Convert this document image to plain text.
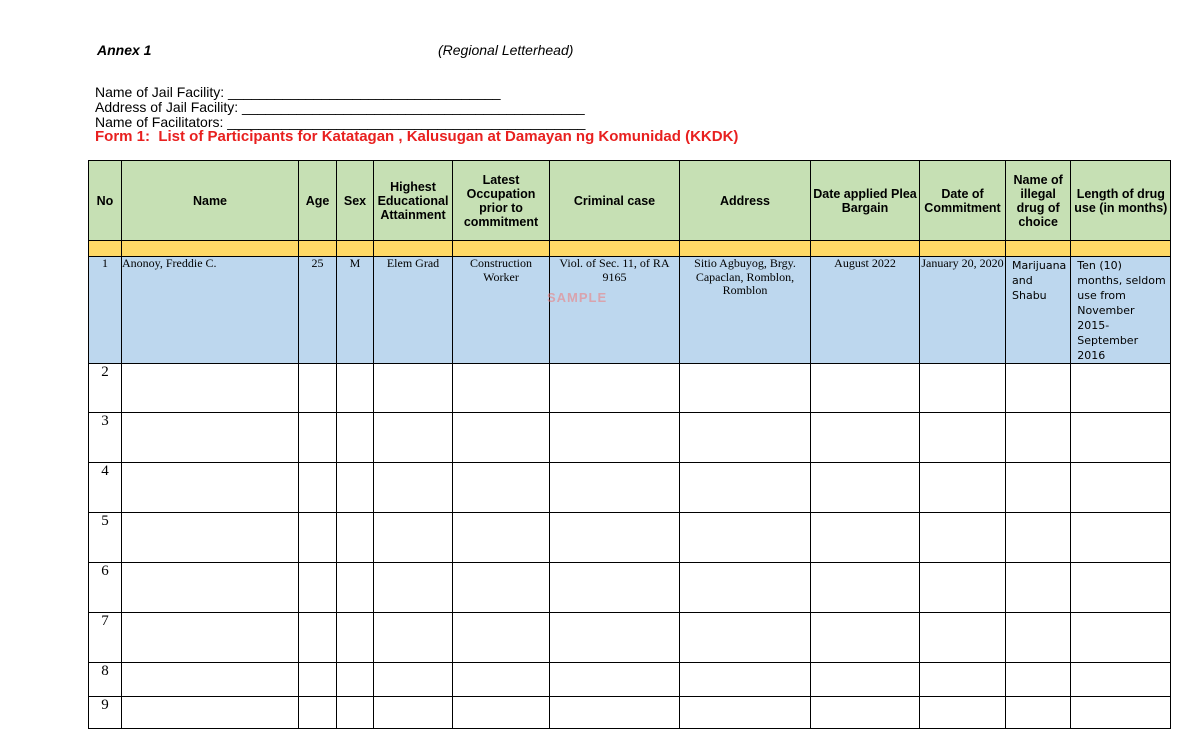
Annex 1	(Regional Letterhead)
Name of Jail Facility: ___________________________________
Address of Jail Facility: ____________________________________________
Name of Facilitators: ______________________________________________
Form 1:  List of Participants for Katatagan , Kalusugan at Damayan ng Komunidad (KKDK)
No	Name	Age	Sex	Highest Educational Attainment	Latest Occupation prior to commitment	Criminal case	Address	Date applied Plea Bargain	Date of Commitment	Name of illegal drug of choice	Length of drug use (in months)

1	Anonoy, Freddie C.	25	M	Elem Grad	Construction Worker	Viol. of Sec. 11, of RA 9165	Sitio Agbuyog, Brgy. Capaclan, Romblon, Romblon	August 2022	January 20, 2020	Marijuana and Shabu	Ten (10) months, seldom use from November 2015-September 2016
2											
3											
4											
5											
6											
7											
8											
9											
SAMPLE
